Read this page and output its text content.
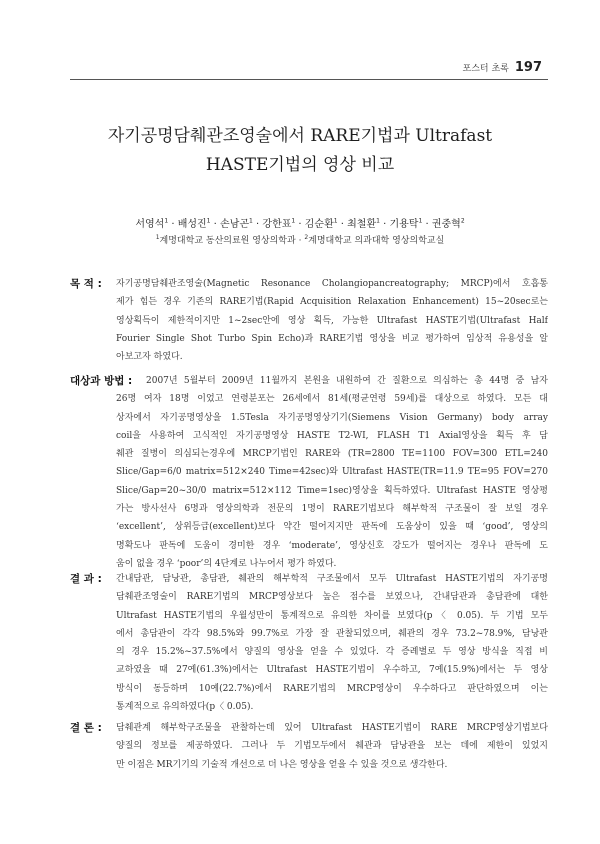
포스터 초록 197
자기공명담췌관조영술에서 RARE기법과 Ultrafast
HASTE기법의 영상 비교
서영석$^1$ · 배성진$^1$ · 손남곤$^1$ · 강한표$^1$ · 김순환$^1$ · 최철환$^1$ · 기용탁$^1$ · 권중혁$^2$
$^1$계명대학교 동산의료원 영상의학과 · $^2$계명대학교 의과대학 영상의학교실
목 적 : 자기공명담췌관조영술(Magnetic Resonance Cholangiopancreatography; MRCP)에서 호흡통
제가 힘든 경우 기존의 RARE기법(Rapid Acquisition Relaxation Enhancement) 15~20sec로는
영상획득이 제한적이지만 1~2sec안에 영상 획득, 가능한 Ultrafast HASTE기법(Ultrafast Half
Fourier Single Shot Turbo Spin Echo)과 RARE기법 영상을 비교 평가하여 임상적 유용성을 알
아보고자 하였다.
대상과 방법 : 2007년 5월부터 2009년 11월까지 본원을 내원하여 간 질환으로 의심하는 총 44명 중 남자
26명 여자 18명 이었고 연령분포는 26세에서 81세(평균연령 59세)를 대상으로 하였다. 모든 대
상자에서 자기공명영상을 1.5Tesla 자기공명영상기기(Siemens Vision Germany) body array
coil을 사용하여 고식적인 자기공명영상 HASTE T2-WI, FLASH T1 Axial영상을 획득 후 담
췌관 질병이 의심되는경우에 MRCP기법인 RARE와 (TR=2800 TE=1100 FOV=300 ETL=240
Slice/Gap=6/0 matrix=512×240 Time=42sec)와 Ultrafast HASTE(TR=11.9 TE=95 FOV=270
Slice/Gap=20~30/0 matrix=512×112 Time=1sec)영상을 획득하였다. Ultrafast HASTE 영상평
가는 방사선사 6명과 영상의학과 전문의 1명이 RARE기법보다 해부학적 구조물이 잘 보일 경우
‘excellent’, 상위등급(excellent)보다 약간 떨어지지만 판독에 도움상이 있을 때 ‘good’, 영상의
명확도나 판독에 도움이 경미한 경우 ‘moderate’, 영상신호 강도가 떨어지는 경우나 판독에 도
움이 없을 경우 ‘poor’의 4단계로 나누어서 평가 하였다.
결 과 : 간내담관, 담낭관, 총담관, 췌관의 해부학적 구조물에서 모두 Ultrafast HASTE기법의 자기공명
담췌관조영술이 RARE기법의 MRCP영상보다 높은 점수를 보였으나, 간내담관과 총담관에 대한
Ultrafast HASTE기법의 우월성만이 통계적으로 유의한 차이를 보였다(p〈 0.05). 두 기법 모두
에서 총담관이 각각 98.5%와 99.7%로 가장 잘 관찰되었으며, 췌관의 경우 73.2~78.9%, 담낭관
의 경우 15.2%~37.5%에서 양질의 영상을 얻을 수 있었다. 각 증례별로 두 영상 방식을 직접 비
교하였을 때 27예(61.3%)에서는 Ultrafast HASTE기법이 우수하고, 7예(15.9%)에서는 두 영상
방식이 동등하며 10예(22.7%)에서 RARE기법의 MRCP영상이 우수하다고 판단하였으며 이는
통계적으로 유의하였다(p〈 0.05).
결 론 : 담췌관계 해부학구조물을 관찰하는데 있어 Ultrafast HASTE기법이 RARE MRCP영상기법보다
양질의 정보를 제공하였다. 그러나 두 기법모두에서 췌관과 담낭관을 보는 데에 제한이 있었지
만 이점은 MR기기의 기술적 개선으로 더 나은 영상을 얻을 수 있을 것으로 생각한다.
